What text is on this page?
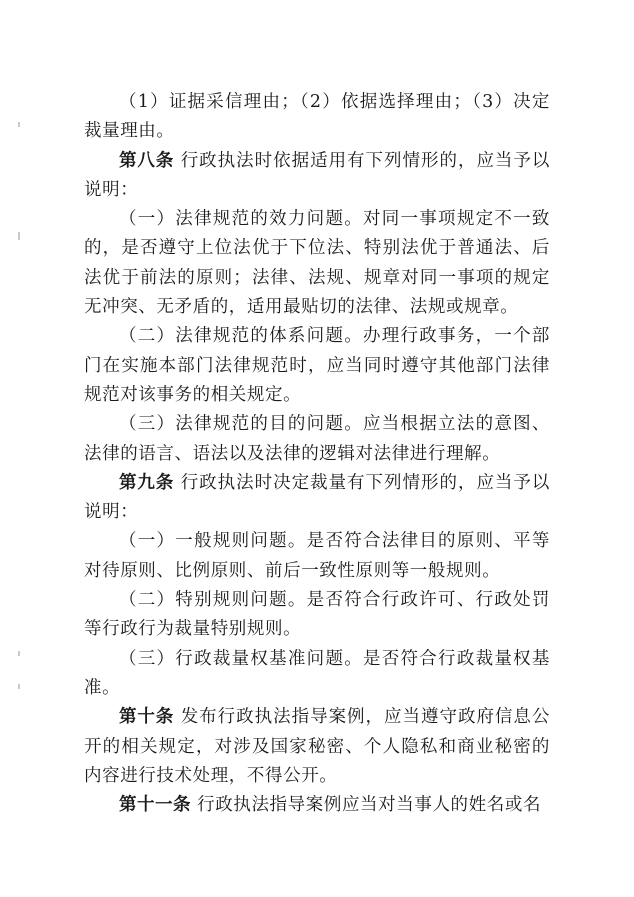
（1）证据采信理由；（2）依据选择理由；（3）决定裁量理由。

第八条 行政执法时依据适用有下列情形的，应当予以说明：

（一）法律规范的效力问题。对同一事项规定不一致的，是否遵守上位法优于下位法、特别法优于普通法、后法优于前法的原则；法律、法规、规章对同一事项的规定无冲突、无矛盾的，适用最贴切的法律、法规或规章。

（二）法律规范的体系问题。办理行政事务，一个部门在实施本部门法律规范时，应当同时遵守其他部门法律规范对该事务的相关规定。

（三）法律规范的目的问题。应当根据立法的意图、法律的语言、语法以及法律的逻辑对法律进行理解。

第九条 行政执法时决定裁量有下列情形的，应当予以说明：

（一）一般规则问题。是否符合法律目的原则、平等对待原则、比例原则、前后一致性原则等一般规则。

（二）特别规则问题。是否符合行政许可、行政处罚等行政行为裁量特别规则。

（三）行政裁量权基准问题。是否符合行政裁量权基准。

第十条 发布行政执法指导案例，应当遵守政府信息公开的相关规定，对涉及国家秘密、个人隐私和商业秘密的内容进行技术处理，不得公开。

第十一条 行政执法指导案例应当对当事人的姓名或名
